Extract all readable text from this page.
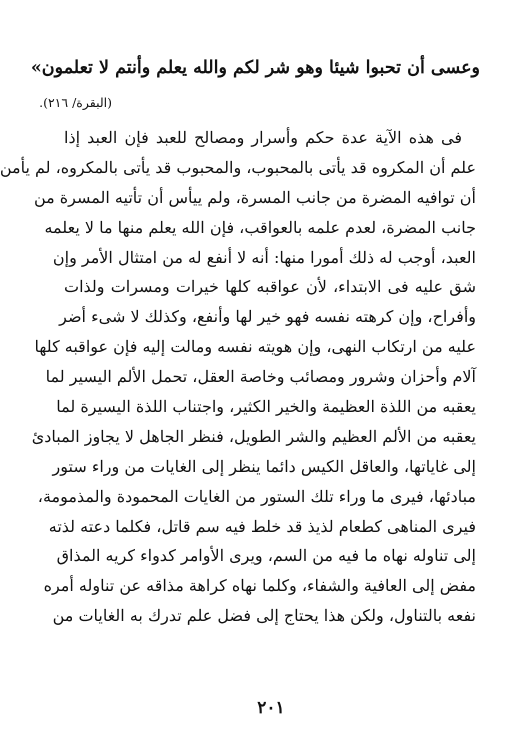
وعسى أن تحبوا شيئا وهو شر لكم والله يعلم وأنتم لا تعلمون»
(البقرة/ ٢١٦).
فى هذه الآية عدة حكم وأسرار ومصالح للعبد فإن العبد إذا
علم أن المكروه قد يأتى بالمحبوب، والمحبوب قد يأتى بالمكروه، لم يأمن
أن توافيه المضرة من جانب المسرة، ولم ييأس أن تأتيه المسرة من
جانب المضرة، لعدم علمه بالعواقب، فإن الله يعلم منها ما لا يعلمه
العبد، أوجب له ذلك أمورا منها: أنه لا أنفع له من امتثال الأمر وإن
شق عليه فى الابتداء، لأن عواقبه كلها خيرات ومسرات ولذات
وأفراح، وإن كرهته نفسه فهو خير لها وأنفع، وكذلك لا شىء أضر
عليه من ارتكاب النهى، وإن هويته نفسه ومالت إليه فإن عواقبه كلها
آلام وأحزان وشرور ومصائب وخاصة العقل، تحمل الألم اليسير لما
يعقبه من اللذة العظيمة والخير الكثير، واجتناب اللذة اليسيرة لما
يعقبه من الألم العظيم والشر الطويل، فنظر الجاهل لا يجاوز المبادئ
إلى غاياتها، والعاقل الكيس دائما ينظر إلى الغايات من وراء ستور
مبادئها، فيرى ما وراء تلك الستور من الغايات المحمودة والمذمومة،
فيرى المناهى كطعام لذيذ قد خلط فيه سم قاتل، فكلما دعته لذته
إلى تناوله نهاه ما فيه من السم، ويرى الأوامر كدواء كريه المذاق
مفض إلى العافية والشفاء، وكلما نهاه كراهة مذاقه عن تناوله أمره
نفعه بالتناول، ولكن هذا يحتاج إلى فضل علم تدرك به الغايات من
٢٠١
